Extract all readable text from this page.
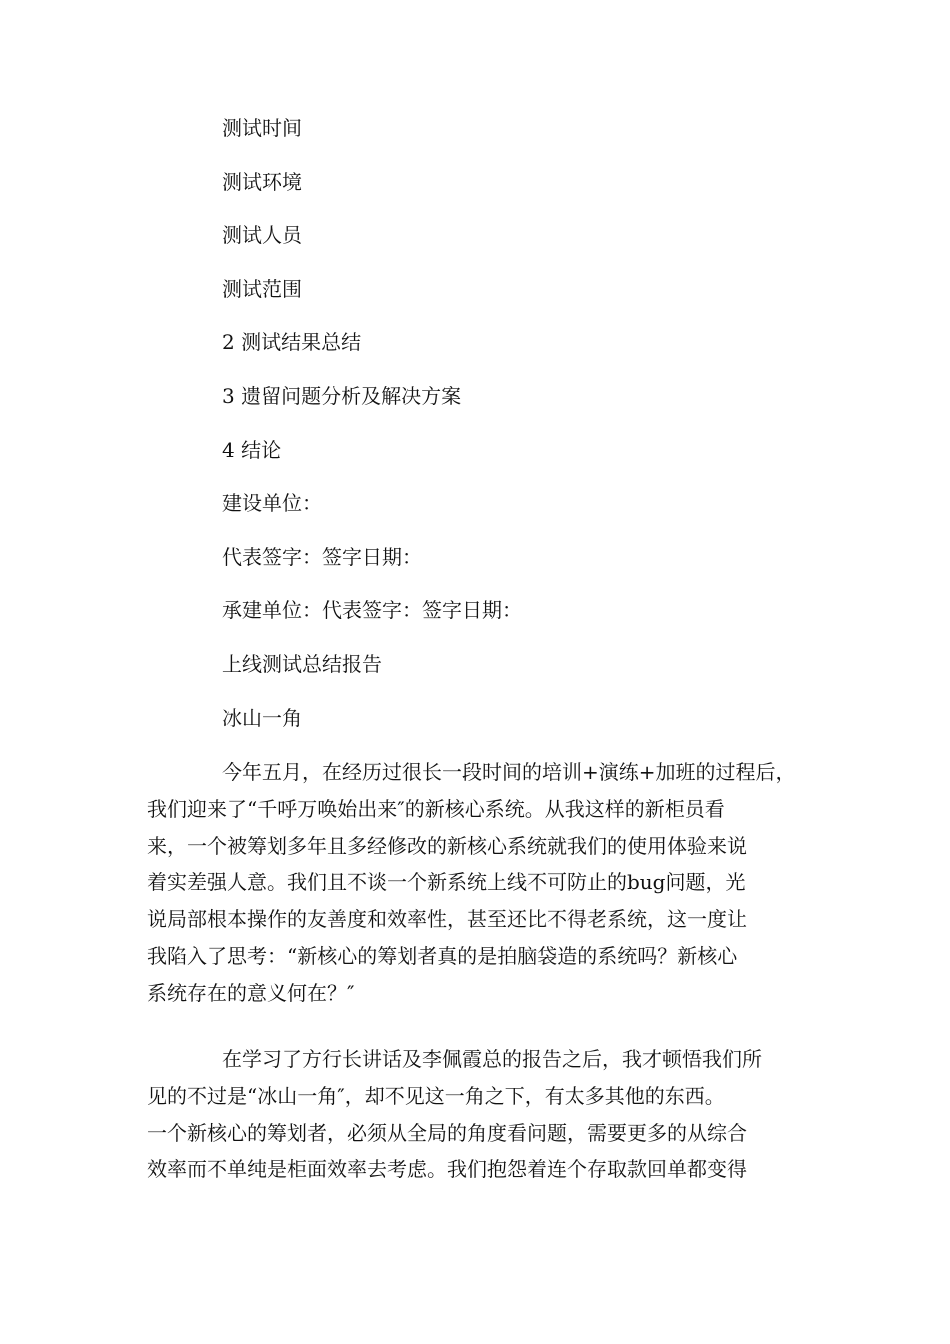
测试时间
测试环境
测试人员
测试范围
2 测试结果总结
3 遗留问题分析及解决方案
4 结论
建设单位：
代表签字：签字日期：
承建单位：代表签字：签字日期：
上线测试总结报告
冰山一角
今年五月，在经历过很长一段时间的培训+演练+加班的过程后，
我们迎来了“千呼万唤始出来″的新核心系统。从我这样的新柜员看
来，一个被筹划多年且多经修改的新核心系统就我们的使用体验来说
着实差强人意。我们且不谈一个新系统上线不可防止的bug问题，光
说局部根本操作的友善度和效率性，甚至还比不得老系统，这一度让
我陷入了思考：“新核心的筹划者真的是拍脑袋造的系统吗？新核心
系统存在的意义何在？″
在学习了方行长讲话及李佩霞总的报告之后，我才顿悟我们所
见的不过是“冰山一角″，却不见这一角之下，有太多其他的东西。
一个新核心的筹划者，必须从全局的角度看问题，需要更多的从综合
效率而不单纯是柜面效率去考虑。我们抱怨着连个存取款回单都变得
